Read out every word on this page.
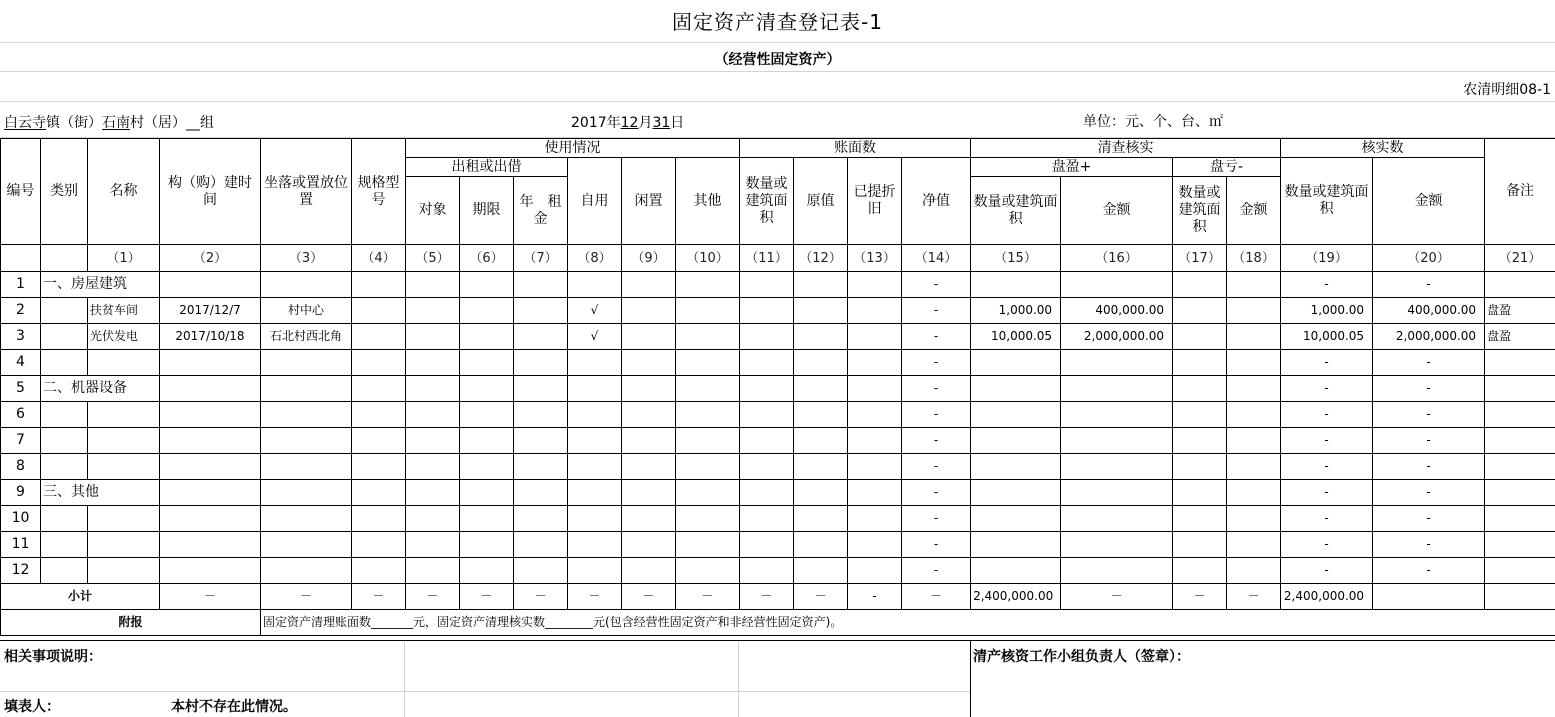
固定资产清查登记表-1
（经营性固定资产）
农清明细08-1
白云寺镇（街）石南村（居）__组	2017年12月31日	单位：元、个、台、㎡
编号	类别	名称	构（购）建时间	坐落或置放位置	规格型号	使用情况						账面数				清查核实				核实数		备注
						出租或出借			自用	闲置	其他	数量或建筑面积	原值	已提折旧	净值	盘盈+		盘亏-		数量或建筑面积	金额	
						对象	期限	年　租金								数量或建筑面积	金额	数量或建筑面积	金额			
		（1）	（2）	（3）	（4）	（5）	（6）	（7）	（8）	（9）	（10）	（11）	（12）	（13）	（14）	（15）	（16）	（17）	（18）	（19）	（20）	（21）
1	一、房屋建筑														-					-	-	
2		扶贫车间	2017/12/7	村中心					√						-	1,000.00	400,000.00			1,000.00	400,000.00	盘盈
3		光伏发电	2017/10/18	石北村西北角					√						-	10,000.05	2,000,000.00			10,000.05	2,000,000.00	盘盈
4															-					-	-	
5	二、机器设备														-					-	-	
6															-					-	-	
7															-					-	-	
8															-					-	-	
9	三、其他														-					-	-	
10															-					-	-	
11															-					-	-	
12															-					-	-	
小计			－	－	－	－	－	－	－	－	－	－	－	-	－	2,400,000.00	－	－	－	2,400,000.00		
附报				固定资产清理账面数_______元，固定资产清理核实数________元(包含经营性固定资产和非经营性固定资产)。																		
相关事项说明：	清产核资工作小组负责人（签章）：
填表人：	本村不存在此情况。
